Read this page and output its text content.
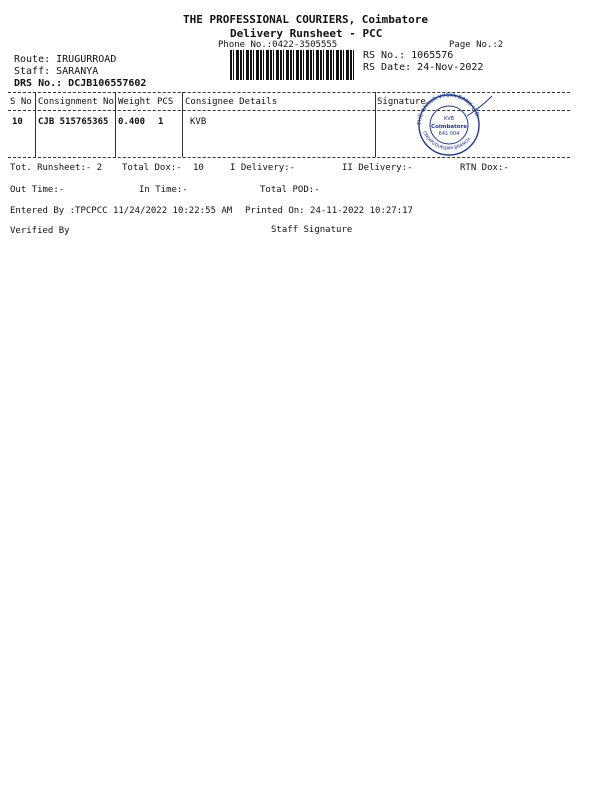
THE PROFESSIONAL COURIERS, Coimbatore
Delivery Runsheet - PCC
Phone No.:0422-3505555	Page No.:2
Route: IRUGURROAD
Staff: SARANYA
DRS No.: DCJB106557602
RS No.: 1065576
RS Date: 24-Nov-2022
S No Consignment No Weight PCS Consignee Details	Signature
10 CJB 515765365 0.400 1	KVB	THE KARUR VYSYA BANK LTD.
ONDIPUDUR/JAM BRANCH
KVB
Coimbatore
641 004
Tot. Runsheet:- 2 Total Dox:- 10	I Delivery:-	II Delivery:-	RTN Dox:-
Out Time:-	In Time:-	Total POD:-
Entered By :TPCPCC 11/24/2022 10:22:55 AM Printed On: 24-11-2022 10:27:17
Verified By	Staff Signature
